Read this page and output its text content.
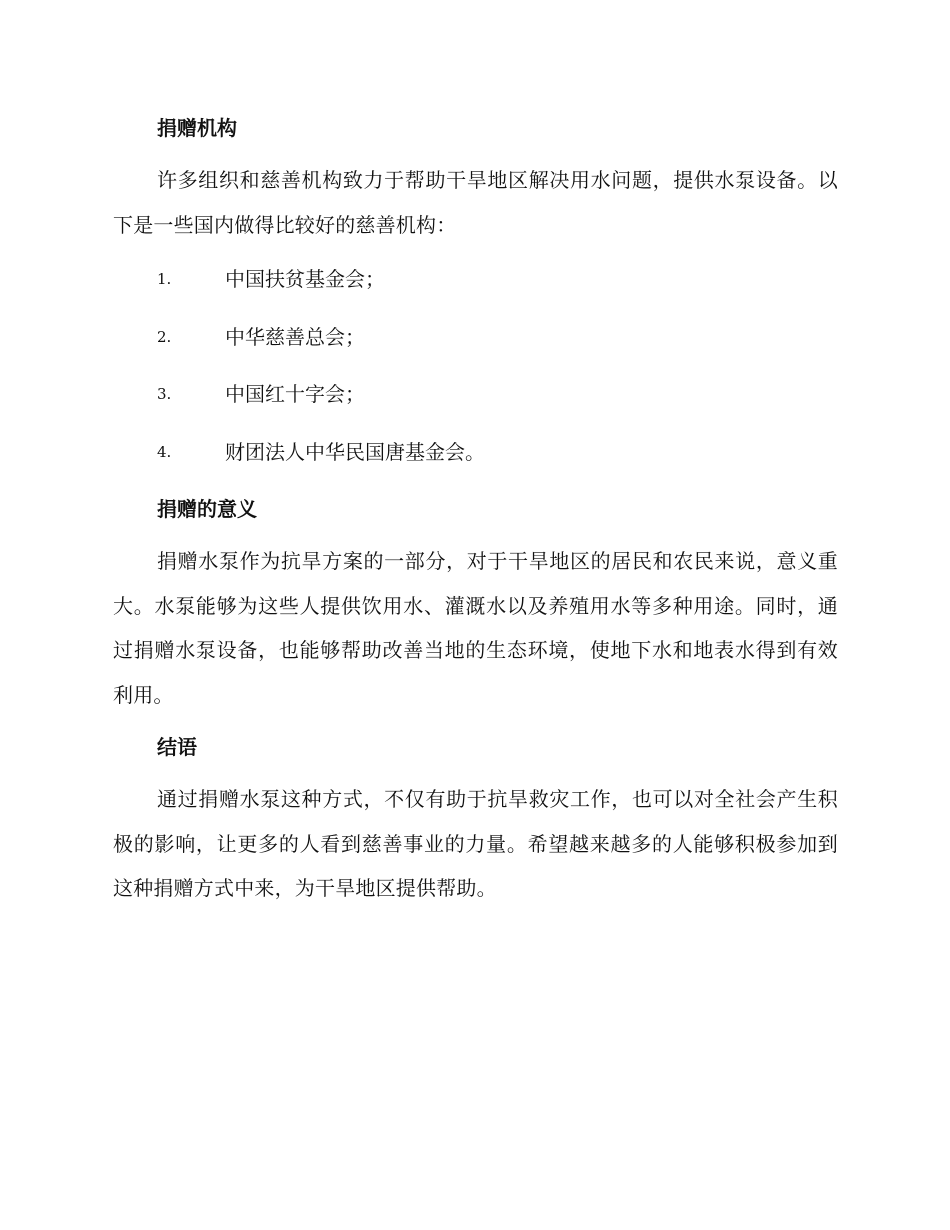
捐赠机构

许多组织和慈善机构致力于帮助干旱地区解决用水问题，提供水泵设备。以下是一些国内做得比较好的慈善机构：

1.	中国扶贫基金会；
2.	中华慈善总会；
3.	中国红十字会；
4.	财团法人中华民国唐基金会。
捐赠的意义

捐赠水泵作为抗旱方案的一部分，对于干旱地区的居民和农民来说，意义重大。水泵能够为这些人提供饮用水、灌溉水以及养殖用水等多种用途。同时，通过捐赠水泵设备，也能够帮助改善当地的生态环境，使地下水和地表水得到有效利用。

结语

通过捐赠水泵这种方式，不仅有助于抗旱救灾工作，也可以对全社会产生积极的影响，让更多的人看到慈善事业的力量。希望越来越多的人能够积极参加到这种捐赠方式中来，为干旱地区提供帮助。
